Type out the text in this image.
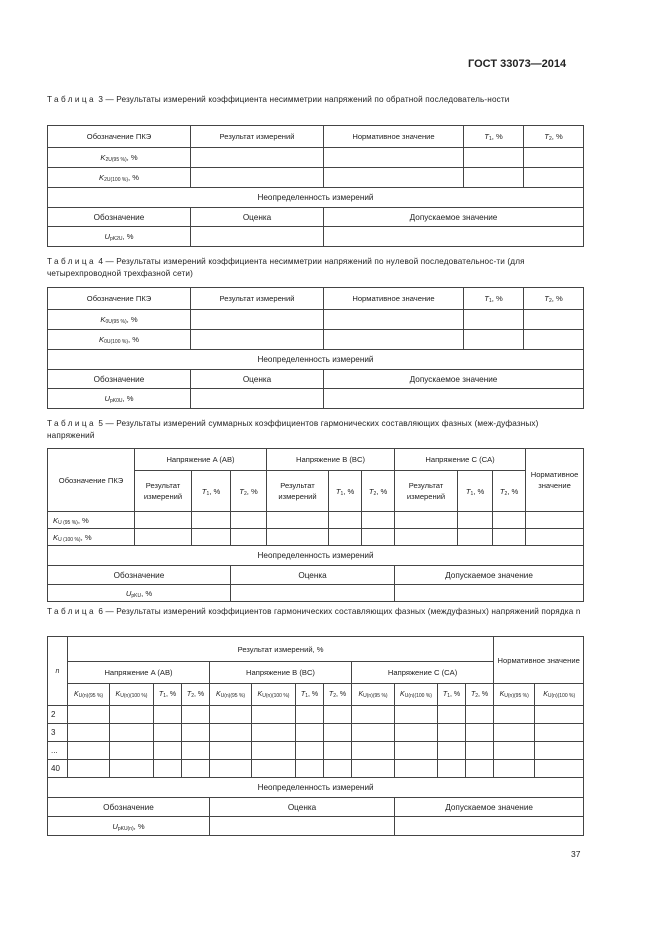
ГОСТ 33073—2014
Таблица 3 — Результаты измерений коэффициента несимметрии напряжений по обратной последователь-ности
Обозначение ПКЭ	Результат измерений	Нормативное значение	T1, %	T2, %
K2U(95 %), %				
K2U(100 %), %				
Неопределенность измерений				
Обозначение	Оценка	Допускаемое значение		
UpK2U, %				
Таблица 4 — Результаты измерений коэффициента несимметрии напряжений по нулевой последовательнос-ти (для четырехпроводной трехфазной сети)
Обозначение ПКЭ	Результат измерений	Нормативное значение	T1, %	T2, %
K0U(95 %), %				
K0U(100 %), %				
Неопределенность измерений				
Обозначение	Оценка	Допускаемое значение		
UpK0U, %				
Таблица 5 — Результаты измерений суммарных коэффициентов гармонических составляющих фазных (меж-дуфазных) напряжений
Обозначение ПКЭ	Напряжение A (AB)			Напряжение B (BC)			Напряжение C (CA)			Нормативное значение
	Результат измерений	T1, %	T2, %	Результат измерений	T1, %	T2, %	Результат измерений	T1, %	T2, %	
KU (95 %), %										
KU (100 %), %										
Неопределенность измерений										
Обозначение			Оценка				Допускаемое значение			
UpKU, %										
Таблица 6 — Результаты измерений коэффициентов гармонических составляющих фазных (междуфазных) напряжений порядка n
n	Результат измерений, %												Нормативное значение	
	Напряжение A (AB)				Напряжение B (BC)				Напряжение C (CA)					
	KU(n)(95 %)	KU(n)(100 %)	T1, %	T2, %	KU(n)(95 %)	KU(n)(100 %)	T1, %	T2, %	KU(n)(95 %)	KU(n)(100 %)	T1, %	T2, %	KU(n)(95 %)	KU(n)(100 %)
2														
3														
...														
40														
Неопределенность измерений														
Обозначение					Оценка					Допускаемое значение				
UpKU(n), %														
37
